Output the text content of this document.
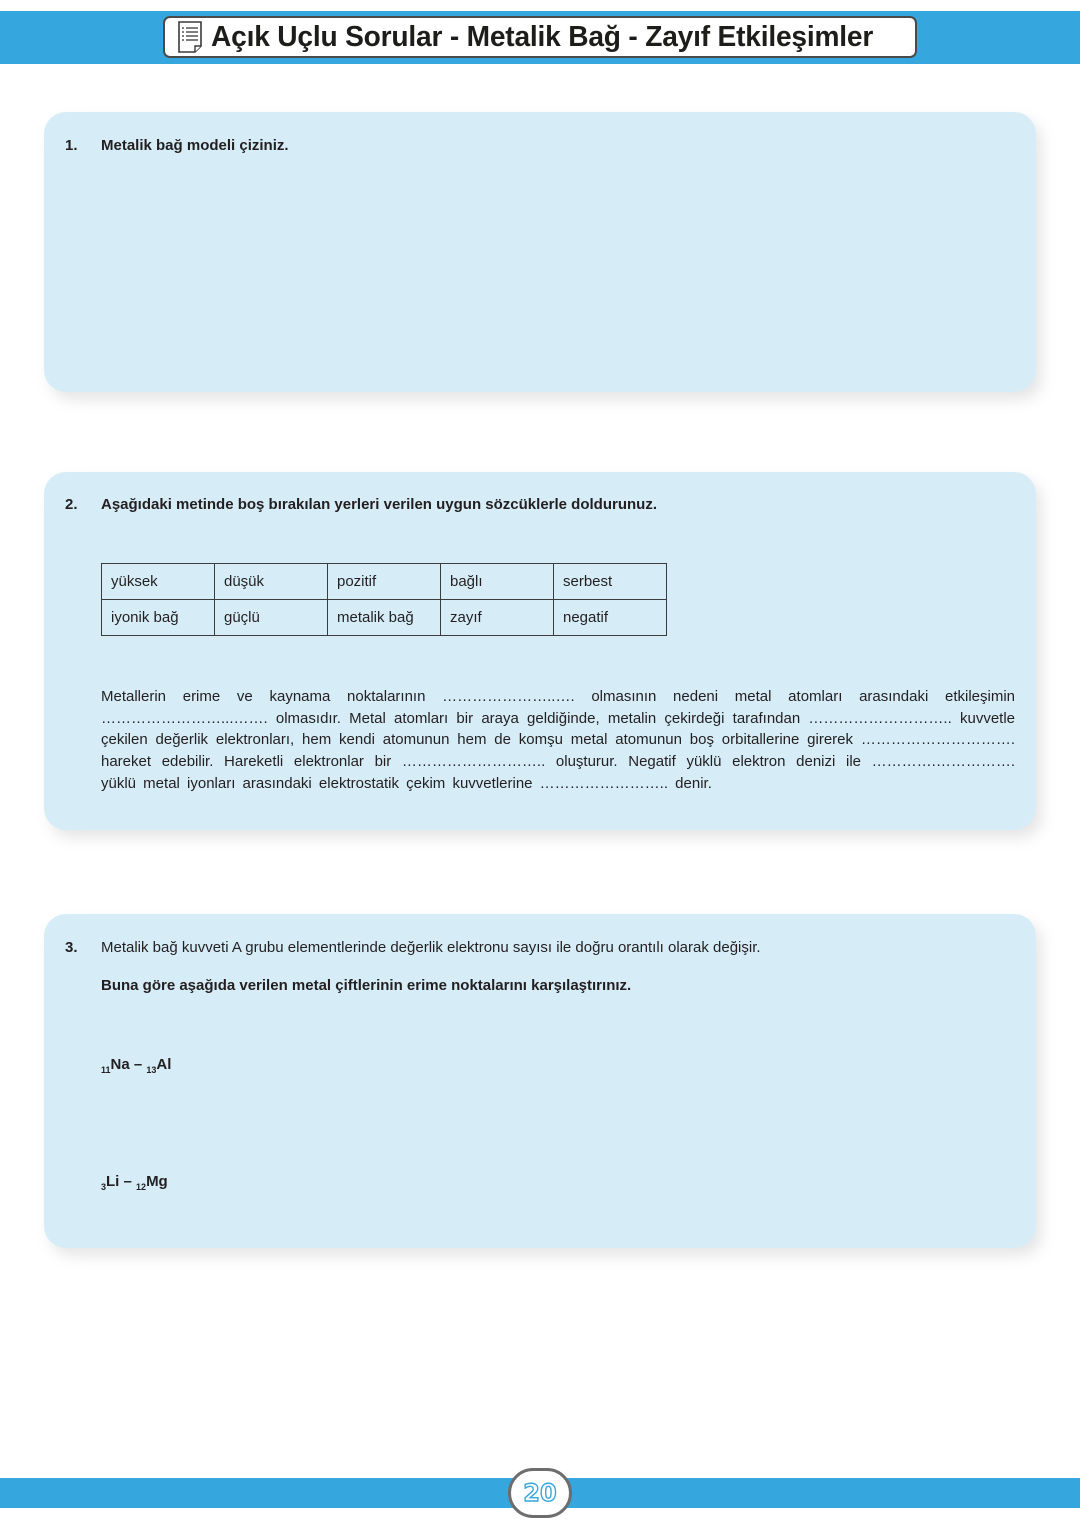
Açık Uçlu Sorular - Metalik Bağ - Zayıf Etkileşimler
1. Metalik bağ modeli çiziniz.
2. Aşağıdaki metinde boş bırakılan yerleri verilen uygun sözcüklerle doldurunuz.
yüksek	düşük	pozitif	bağlı	serbest
iyonik bağ	güçlü	metalik bağ	zayıf	negatif

Metallerin erime ve kaynama noktalarının …………………..…. olmasının nedeni metal atomları arasındaki etkileşimin ……………………...……. olmasıdır. Metal atomları bir araya geldiğinde, metalin çekirdeği tarafından ……………………….. kuvvetle çekilen değerlik elektronları, hem kendi atomunun hem de komşu metal atomunun boş orbitallerine girerek …………………………. hareket edebilir. Hareketli elektronlar bir ……………………….. oluşturur. Negatif yüklü elektron denizi ile ………….……………. yüklü metal iyonları arasındaki elektrostatik çekim kuvvetlerine …………………….. denir.

3. Metalik bağ kuvveti A grubu elementlerinde değerlik elektronu sayısı ile doğru orantılı olarak değişir.
Buna göre aşağıda verilen metal çiftlerinin erime noktalarını karşılaştırınız.
$_{11}$Na – $_{13}$Al
$_3$Li – $_{12}$Mg
20
